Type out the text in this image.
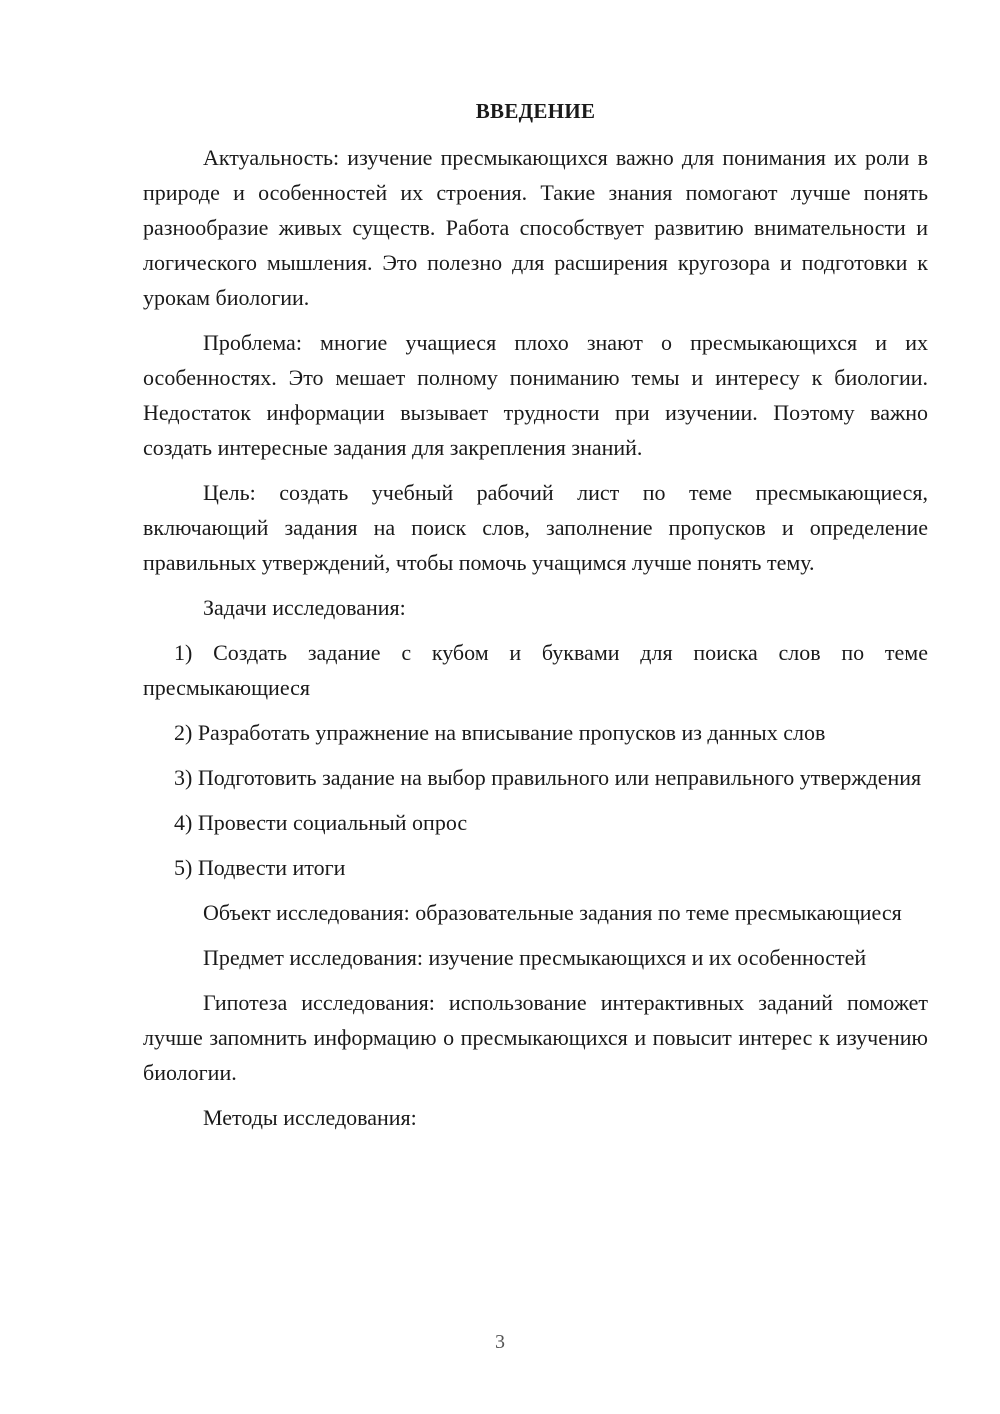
ВВЕДЕНИЕ

Актуальность: изучение пресмыкающихся важно для понимания их роли в природе и особенностей их строения. Такие знания помогают лучше понять разнообразие живых существ. Работа способствует развитию внимательности и логического мышления. Это полезно для расширения кругозора и подготовки к урокам биологии.

Проблема: многие учащиеся плохо знают о пресмыкающихся и их особенностях. Это мешает полному пониманию темы и интересу к биологии. Недостаток информации вызывает трудности при изучении. Поэтому важно создать интересные задания для закрепления знаний.

Цель: создать учебный рабочий лист по теме пресмыкающиеся, включающий задания на поиск слов, заполнение пропусков и определение правильных утверждений, чтобы помочь учащимся лучше понять тему.

Задачи исследования:

1) Создать задание с кубом и буквами для поиска слов по теме пресмыкающиеся

2) Разработать упражнение на вписывание пропусков из данных слов

3) Подготовить задание на выбор правильного или неправильного утверждения

4) Провести социальный опрос

5) Подвести итоги

Объект исследования: образовательные задания по теме пресмыкающиеся

Предмет исследования: изучение пресмыкающихся и их особенностей

Гипотеза исследования: использование интерактивных заданий поможет лучше запомнить информацию о пресмыкающихся и повысит интерес к изучению биологии.

Методы исследования:

3
